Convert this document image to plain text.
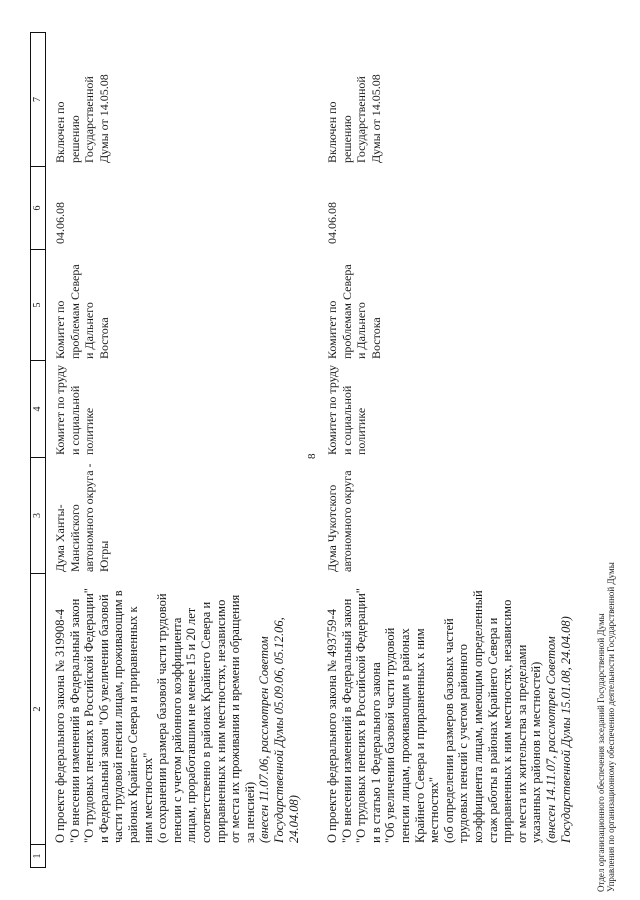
8
1
2
3
4
5
6
7
О проекте федерального закона № 319908-4 "О внесении изменений в Федеральный закон "О трудовых пенсиях в Российской Федерации" и Федеральный закон "Об увеличении базовой части трудовой пенсии лицам, проживающим в районах Крайнего Севера и приравненных к ним местностях" (о сохранении размера базовой части трудовой пенсии с учетом районного коэффициента лицам, проработавшим не менее 15 и 20 лет соответственно в районах Крайнего Севера и приравненных к ним местностях, независимо от места их проживания и времени обращения за пенсией) (внесен 11.07.06, рассмотрен Советом Государственной Думы 05.09.06, 05.12.06, 24.04.08)
Дума Ханты- Мансийского автономного округа - Югры
Комитет по труду и социальной политике
Комитет по проблемам Севера и Дальнего Востока
04.06.08
Включен по решению Государственной Думы от 14.05.08
О проекте федерального закона № 493759-4 "О внесении изменений в Федеральный закон "О трудовых пенсиях в Российской Федерации" и в статью 1 Федерального закона "Об увеличении базовой части трудовой пенсии лицам, проживающим в районах Крайнего Севера и приравненных к ним местностях" (об определении размеров базовых частей трудовых пенсий с учетом районного коэффициента лицам, имеющим определенный стаж работы в районах Крайнего Севера и приравненных к ним местностях, независимо от места их жительства за пределами указанных районов и местностей) (внесен 14.11.07, рассмотрен Советом Государственной Думы 15.01.08, 24.04.08)
Дума Чукотского автономного округа
Комитет по труду и социальной политике
Комитет по проблемам Севера и Дальнего Востока
04.06.08
Включен по решению Государственной Думы от 14.05.08
Отдел организационного обеспечения заседаний Государственной Думы Управления по организационному обеспечению деятельности Государственной Думы
